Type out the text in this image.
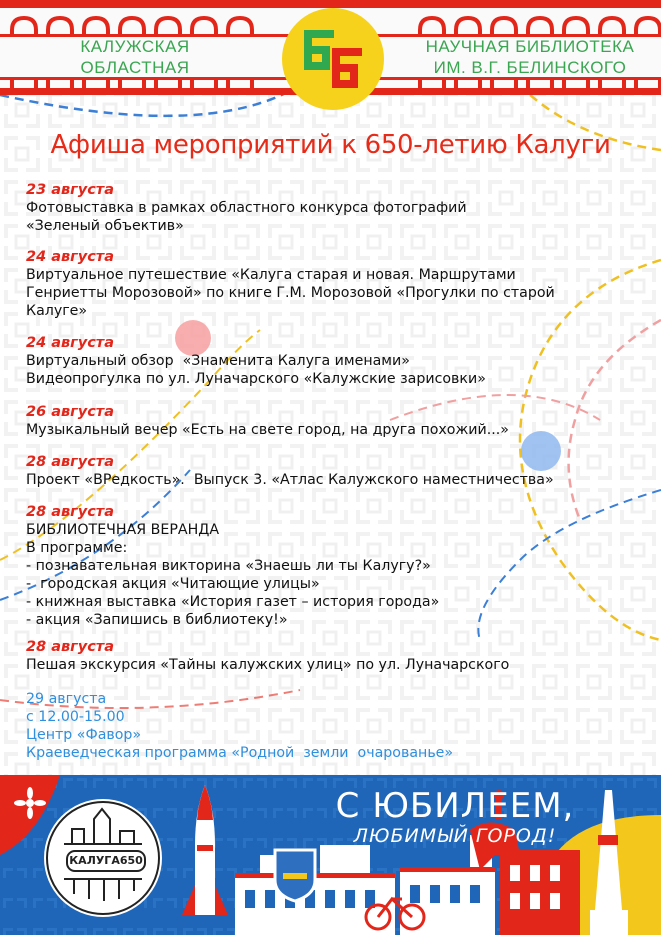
КАЛУЖСКАЯ
ОБЛАСТНАЯ
НАУЧНАЯ БИБЛИОТЕКА
ИМ. В.Г. БЕЛИНСКОГО
Афиша мероприятий к 650-летию Калуги
23 августа
Фотовыставка в рамках областного конкурса фотографий
«Зеленый объектив»
24 августа
Виртуальное путешествие «Калуга старая и новая. Маршрутами
Генриетты Морозовой» по книге Г.М. Морозовой «Прогулки по старой
Калуге»
24 августа
Виртуальный обзор  «Знаменита Калуга именами»
Видеопрогулка по ул. Луначарского «Калужские зарисовки»
26 августа
Музыкальный вечер «Есть на свете город, на друга похожий...»
28 августа
Проект «ВРедкость».  Выпуск 3. «Атлас Калужского наместничества»
28 августа
БИБЛИОТЕЧНАЯ ВЕРАНДА
В программе:
- познавательная викторина «Знаешь ли ты Калугу?»
-  городская акция «Читающие улицы»
- книжная выставка «История газет – история города»
- акция «Запишись в библиотеку!»
28 августа
Пешая экскурсия «Тайны калужских улиц» по ул. Луначарского
29 августа
с 12.00-15.00
Центр «Фавор»
Краеведческая программа «Родной  земли  очарованье»
С ЮБИЛЕЕМ,
ЛЮБИМЫЙ ГОРОД!
КАЛУГА650
